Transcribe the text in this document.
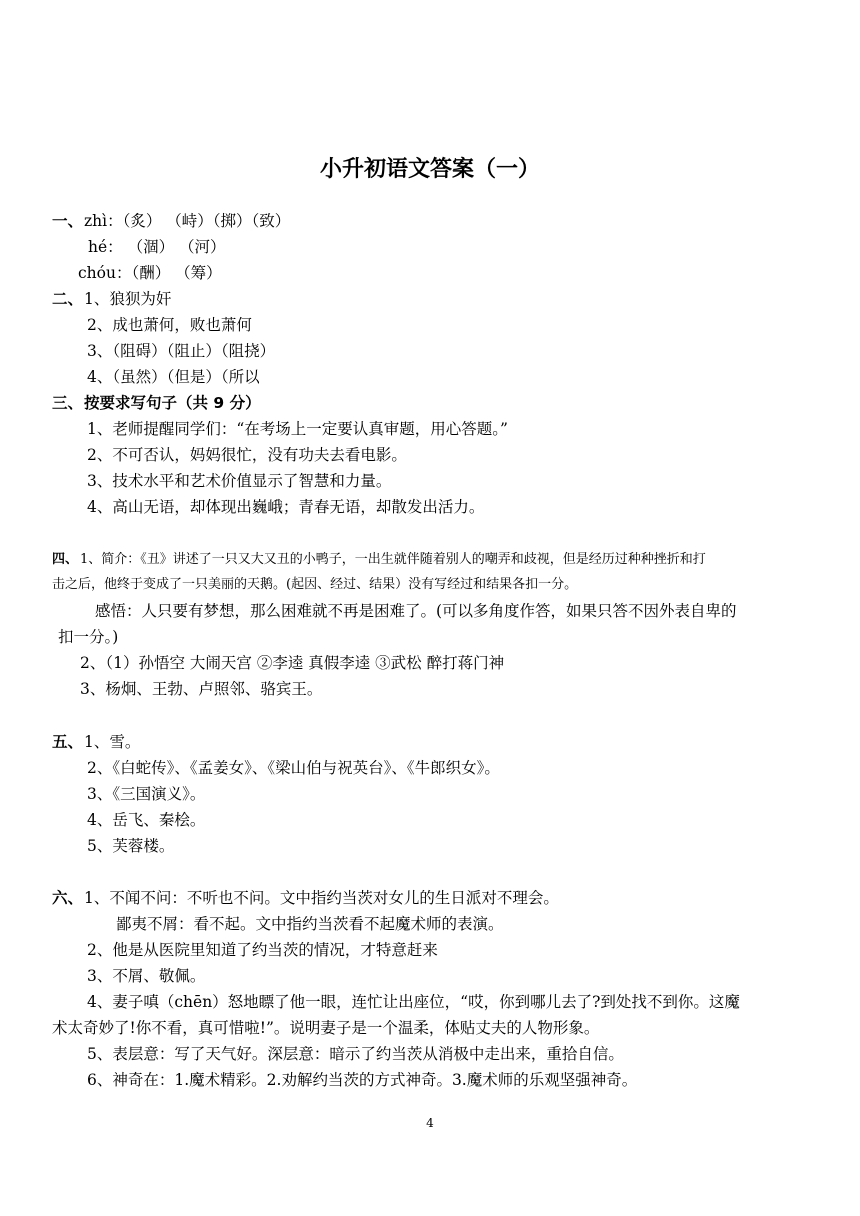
小升初语文答案（一）
一、 zhì：（炙） （峙）（掷）（致）
hé： （涸） （河）
chóu：（酬） （筹）
二、 1、狼狈为奸
2、成也萧何，败也萧何
3、（阻碍）（阻止）（阻挠）
4、（虽然）（但是）（所以
三、 按要求写句子（共 9 分）
1、老师提醒同学们：“在考场上一定要认真审题，用心答题。”
2、不可否认，妈妈很忙，没有功夫去看电影。
3、技术水平和艺术价值显示了智慧和力量。
4、高山无语，却体现出巍峨；青春无语，却散发出活力。
四、 1、简介：《丑》讲述了一只又大又丑的小鸭子，一出生就伴随着别人的嘲弄和歧视，但是经历过种种挫折和打
击之后，他终于变成了一只美丽的天鹅。(起因、经过、结果）没有写经过和结果各扣一分。
感悟：人只要有梦想，那么困难就不再是困难了。(可以多角度作答，如果只答不因外表自卑的
扣一分。)
2、（1）孙悟空 大闹天宫 ②李逵 真假李逵 ③武松 醉打蒋门神
3、杨炯、王勃、卢照邻、骆宾王。
五、 1、雪。
2、《白蛇传》、《孟姜女》、《梁山伯与祝英台》、《牛郎织女》。
3、《三国演义》。
4、岳飞、秦桧。
5、芙蓉楼。
六、 1、不闻不问：不听也不问。文中指约当茨对女儿的生日派对不理会。
鄙夷不屑：看不起。文中指约当茨看不起魔术师的表演。
2、他是从医院里知道了约当茨的情况，才特意赶来
3、不屑、敬佩。
4、妻子嗔（chēn）怒地瞟了他一眼，连忙让出座位，“哎，你到哪儿去了?到处找不到你。这魔
术太奇妙了!你不看，真可惜啦!”。说明妻子是一个温柔，体贴丈夫的人物形象。
5、表层意：写了天气好。深层意：暗示了约当茨从消极中走出来，重拾自信。
6、神奇在：1.魔术精彩。2.劝解约当茨的方式神奇。3.魔术师的乐观坚强神奇。
4
